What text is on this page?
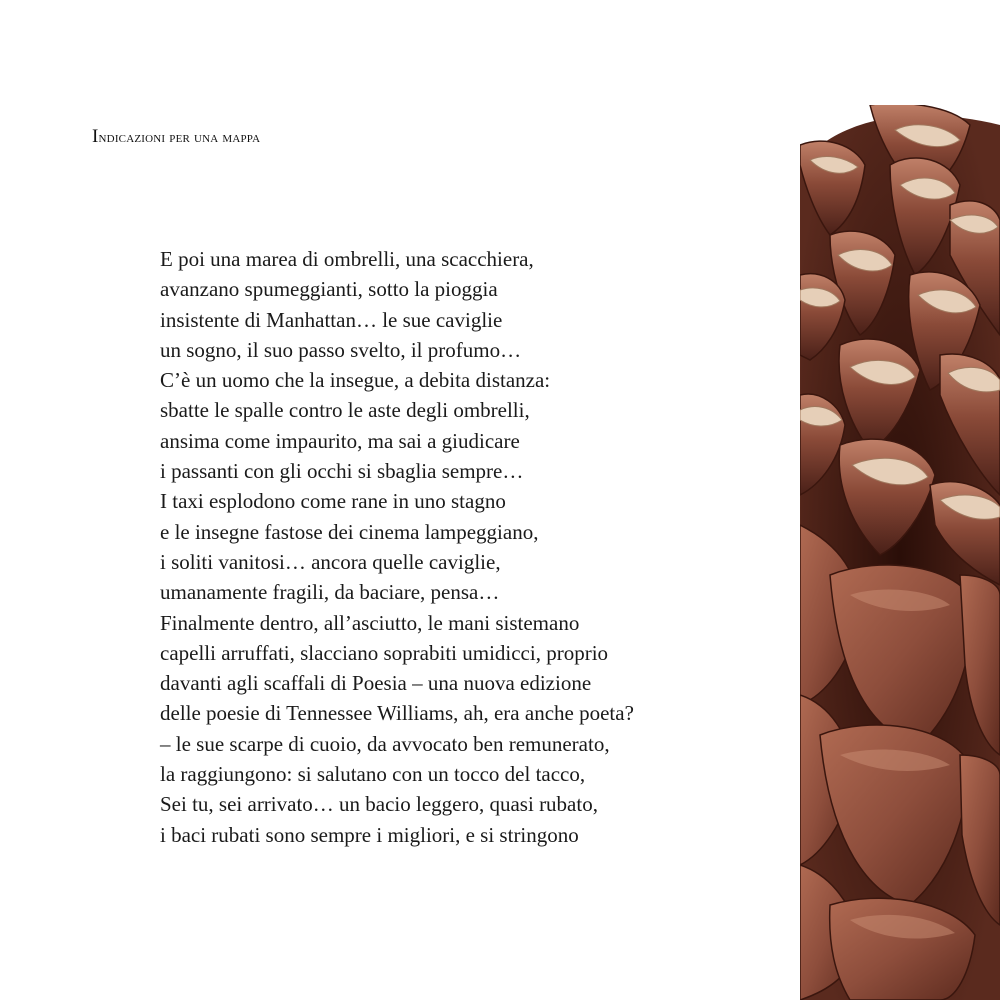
Indicazioni per una mappa
E poi una marea di ombrelli, una scacchiera,
avanzano spumeggianti, sotto la pioggia
insistente di Manhattan… le sue caviglie
un sogno, il suo passo svelto, il profumo…
C’è un uomo che la insegue, a debita distanza:
sbatte le spalle contro le aste degli ombrelli,
ansima come impaurito, ma sai a giudicare
i passanti con gli occhi si sbaglia sempre…
I taxi esplodono come rane in uno stagno
e le insegne fastose dei cinema lampeggiano,
i soliti vanitosi… ancora quelle caviglie,
umanamente fragili, da baciare, pensa…
Finalmente dentro, all’asciutto, le mani sistemano
capelli arruffati, slacciano soprabiti umidicci, proprio
davanti agli scaffali di Poesia – una nuova edizione
delle poesie di Tennessee Williams, ah, era anche poeta?
– le sue scarpe di cuoio, da avvocato ben remunerato,
la raggiungono: si salutano con un tocco del tacco,
Sei tu, sei arrivato… un bacio leggero, quasi rubato,
i baci rubati sono sempre i migliori, e si stringono
